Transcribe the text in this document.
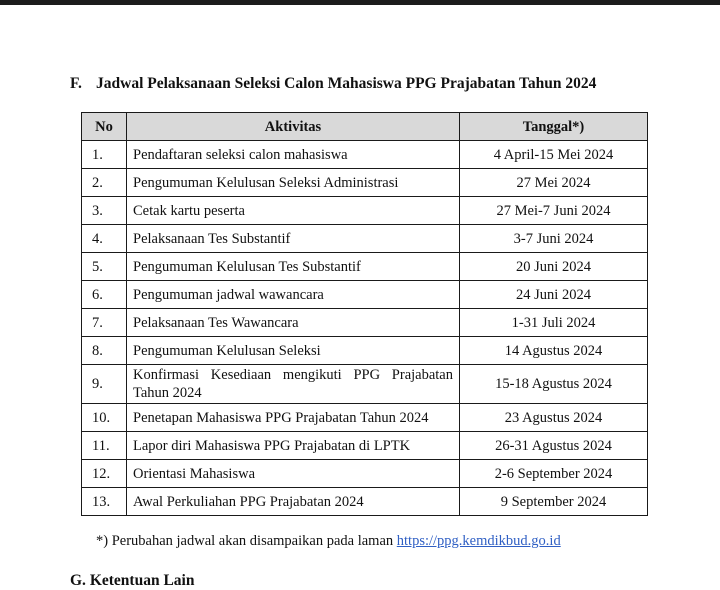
F. Jadwal Pelaksanaan Seleksi Calon Mahasiswa PPG Prajabatan Tahun 2024
No	Aktivitas	Tanggal*)
1.	Pendaftaran seleksi calon mahasiswa	4 April-15 Mei 2024
2.	Pengumuman Kelulusan Seleksi Administrasi	27 Mei 2024
3.	Cetak kartu peserta	27 Mei-7 Juni 2024
4.	Pelaksanaan Tes Substantif	3-7 Juni 2024
5.	Pengumuman Kelulusan Tes Substantif	20 Juni 2024
6.	Pengumuman jadwal wawancara	24 Juni 2024
7.	Pelaksanaan Tes Wawancara	1-31 Juli 2024
8.	Pengumuman Kelulusan Seleksi	14 Agustus 2024
9.	Konfirmasi Kesediaan mengikuti PPG Prajabatan Tahun 2024	15-18 Agustus 2024
10.	Penetapan Mahasiswa PPG Prajabatan Tahun 2024	23 Agustus 2024
11.	Lapor diri Mahasiswa PPG Prajabatan di LPTK	26-31 Agustus 2024
12.	Orientasi Mahasiswa	2-6 September 2024
13.	Awal Perkuliahan PPG Prajabatan 2024	9 September 2024
*) Perubahan jadwal akan disampaikan pada laman https://ppg.kemdikbud.go.id
G. Ketentuan Lain
